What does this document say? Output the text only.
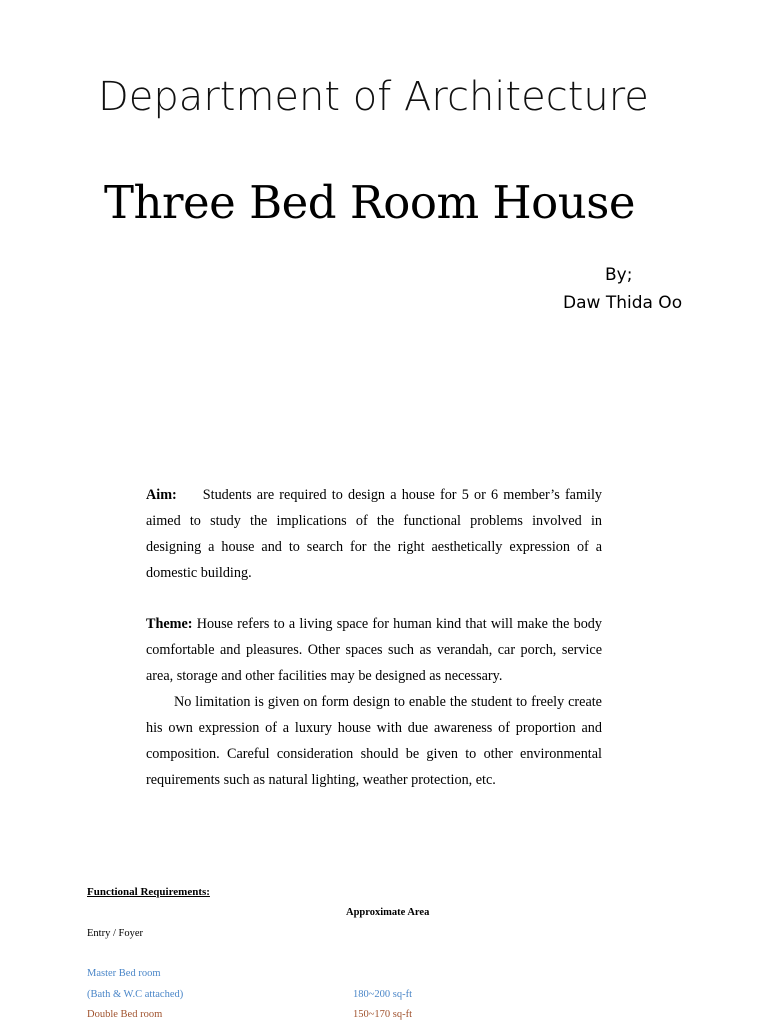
Department of Architecture
Three Bed Room House
By;
Daw Thida Oo
Aim: Students are required to design a house for 5 or 6 member’s family aimed to study the implications of the functional problems involved in designing a house and to search for the right aesthetically expression of a domestic building.
Theme: House refers to a living space for human kind that will make the body comfortable and pleasures. Other spaces such as verandah, car porch, service area, storage and other facilities may be designed as necessary.
No limitation is given on form design to enable the student to freely create his own expression of a luxury house with due awareness of proportion and composition. Careful consideration should be given to other environmental requirements such as natural lighting, weather protection, etc.
Functional Requirements:
Approximate Area
Entry / Foyer
Master Bed room
(Bath & W.C attached)	180~200 sq-ft
Double Bed room	150~170 sq-ft
